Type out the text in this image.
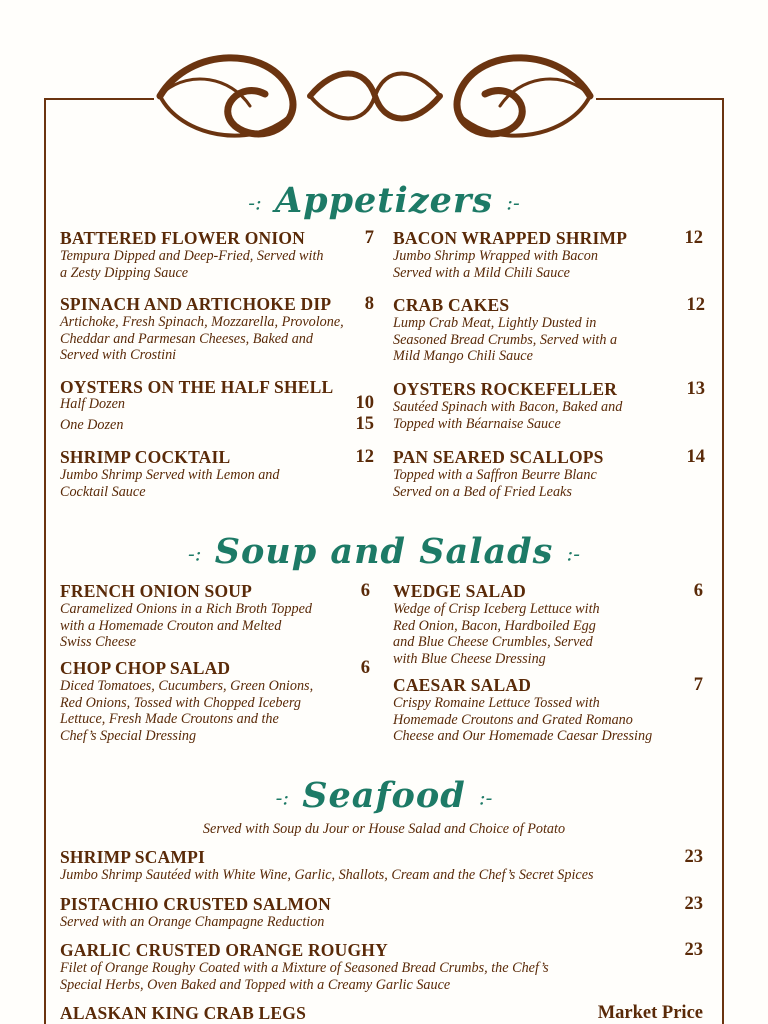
-: Appetizers :-
BATTERED FLOWER ONION	7
Tempura Dipped and Deep-Fried, Served with
a Zesty Dipping Sauce
SPINACH AND ARTICHOKE DIP 8
Artichoke, Fresh Spinach, Mozzarella, Provolone,
Cheddar and Parmesan Cheeses, Baked and
Served with Crostini
OYSTERS ON THE HALF SHELL
Half Dozen	10
One Dozen	15
SHRIMP COCKTAIL	12
Jumbo Shrimp Served with Lemon and
Cocktail Sauce
BACON WRAPPED SHRIMP	12
Jumbo Shrimp Wrapped with Bacon
Served with a Mild Chili Sauce
CRAB CAKES	12
Lump Crab Meat, Lightly Dusted in
Seasoned Bread Crumbs, Served with a
Mild Mango Chili Sauce
OYSTERS ROCKEFELLER	13
Sautéed Spinach with Bacon, Baked and
Topped with Béarnaise Sauce
PAN SEARED SCALLOPS	14
Topped with a Saffron Beurre Blanc
Served on a Bed of Fried Leaks
-: Soup and Salads :-
FRENCH ONION SOUP	6
Caramelized Onions in a Rich Broth Topped
with a Homemade Crouton and Melted
Swiss Cheese
CHOP CHOP SALAD	6
Diced Tomatoes, Cucumbers, Green Onions,
Red Onions, Tossed with Chopped Iceberg
Lettuce, Fresh Made Croutons and the
Chef’s Special Dressing
WEDGE SALAD	6
Wedge of Crisp Iceberg Lettuce with
Red Onion, Bacon, Hardboiled Egg
and Blue Cheese Crumbles, Served
with Blue Cheese Dressing
CAESAR SALAD	7
Crispy Romaine Lettuce Tossed with
Homemade Croutons and Grated Romano
Cheese and Our Homemade Caesar Dressing
-: Seafood :-
Served with Soup du Jour or House Salad and Choice of Potato
SHRIMP SCAMPI	23
Jumbo Shrimp Sautéed with White Wine, Garlic, Shallots, Cream and the Chef’s Secret Spices
PISTACHIO CRUSTED SALMON	23
Served with an Orange Champagne Reduction
GARLIC CRUSTED ORANGE ROUGHY	23
Filet of Orange Roughy Coated with a Mixture of Seasoned Bread Crumbs, the Chef’s
Special Herbs, Oven Baked and Topped with a Creamy Garlic Sauce
ALASKAN KING CRAB LEGS	Market Price
